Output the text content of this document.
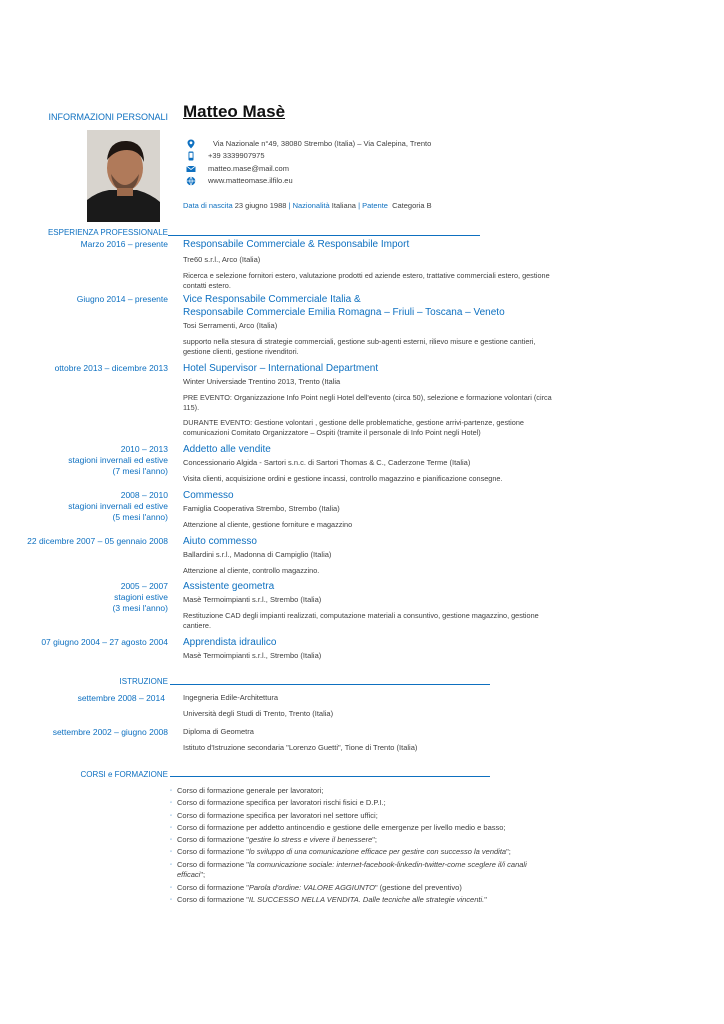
INFORMAZIONI PERSONALI Matteo Masè
Via Nazionale n°49, 38080 Strembo (Italia) – Via Calepina, Trento
+39 3339907975
matteo.mase@mail.com
www.matteomase.ilfilo.eu
Data di nascita 23 giugno 1988 | Nazionalità Italiana | Patente Categoria B
ESPERIENZA PROFESSIONALE
Marzo 2016 – presente Responsabile Commerciale & Responsabile Import
Tre60 s.r.l., Arco (Italia)
Ricerca e selezione fornitori estero, valutazione prodotti ed aziende estero, trattative commerciali estero, gestione contatti estero.
Giugno 2014 – presente Vice Responsabile Commerciale Italia &
Responsabile Commerciale Emilia Romagna – Friuli – Toscana – Veneto
Tosi Serramenti, Arco (Italia)
supporto nella stesura di strategie commerciali, gestione sub-agenti esterni, rilievo misure e gestione cantieri, gestione clienti, gestione rivenditori.
ottobre 2013 – dicembre 2013 Hotel Supervisor – International Department
Winter Universiade Trentino 2013, Trento (Italia
PRE EVENTO: Organizzazione Info Point negli Hotel dell'evento (circa 50), selezione e formazione volontari (circa 115).
DURANTE EVENTO: Gestione volontari , gestione delle problematiche, gestione arrivi-partenze, gestione comunicazioni Comitato Organizzatore – Ospiti (tramite il personale di Info Point negli Hotel)
2010 – 2013
stagioni invernali ed estive
(7 mesi l'anno)
Addetto alle vendite
Concessionario Algida - Sartori s.n.c. di Sartori Thomas & C., Caderzone Terme (Italia)
Visita clienti, acquisizione ordini e gestione incassi, controllo magazzino e pianificazione consegne.
2008 – 2010
stagioni invernali ed estive
(5 mesi l'anno)
Commesso
Famiglia Cooperativa Strembo, Strembo (Italia)
Attenzione al cliente, gestione forniture e magazzino
22 dicembre 2007 – 05 gennaio 2008 Aiuto commesso
Ballardini s.r.l., Madonna di Campiglio (Italia)
Attenzione al cliente, controllo magazzino.
2005 – 2007
stagioni estive
(3 mesi l'anno)
Assistente geometra
Masè Termoimpianti s.r.l., Strembo (Italia)
Restituzione CAD degli impianti realizzati, computazione materiali a consuntivo, gestione magazzino, gestione cantiere.
07 giugno 2004 – 27 agosto 2004 Apprendista idraulico
Masè Termoimpianti s.r.l., Strembo (Italia)
ISTRUZIONE
settembre 2008 – 2014 Ingegneria Edile-Architettura
Università degli Studi di Trento, Trento (Italia)
settembre 2002 – giugno 2008 Diploma di Geometra
Istituto d'Istruzione secondaria "Lorenzo Guetti", Tione di Trento (Italia)
CORSI e FORMAZIONE
◦ Corso di formazione generale per lavoratori;
◦ Corso di formazione specifica per lavoratori rischi fisici e D.P.I.;
◦ Corso di formazione specifica per lavoratori nel settore uffici;
◦ Corso di formazione per addetto antincendio e gestione delle emergenze per livello medio e basso;
◦ Corso di formazione "gestire lo stress e vivere il benessere";
◦ Corso di formazione "lo sviluppo di una comunicazione efficace per gestire con successo la vendita";
◦ Corso di formazione "la comunicazione sociale: internet-facebook-linkedin-twitter-come sceglere il/i canali efficaci";
◦ Corso di formazione "Parola d'ordine: VALORE AGGIUNTO" (gestione del preventivo)
◦ Corso di formazione "IL SUCCESSO NELLA VENDITA. Dalle tecniche alle strategie vincenti."
